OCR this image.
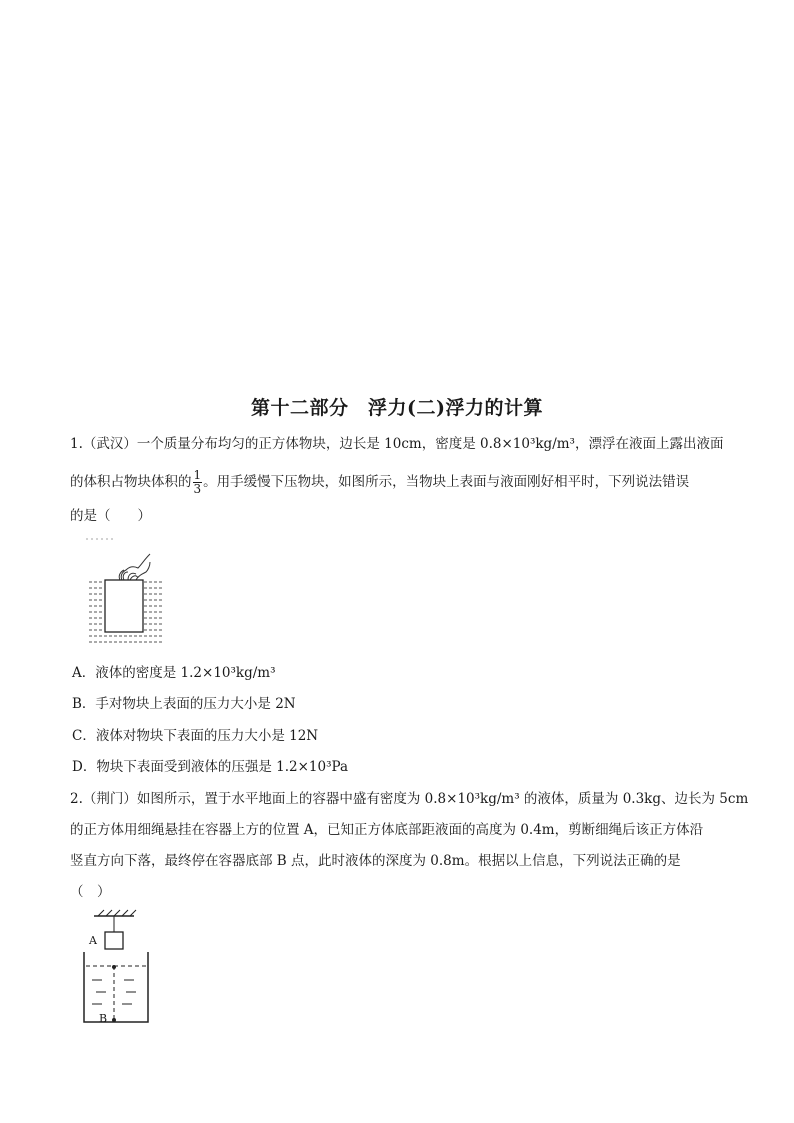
第十二部分　浮力(二)浮力的计算
1.（武汉）一个质量分布均匀的正方体物块，边长是 10cm，密度是 0.8×10³kg/m³，漂浮在液面上露出液面
的体积占物块体积的 $\frac{1}{3}$ 。用手缓慢下压物块，如图所示，当物块上表面与液面刚好相平时，下列说法错误
的是（　　）
A．液体的密度是 1.2×10³kg/m³
B．手对物块上表面的压力大小是 2N
C．液体对物块下表面的压力大小是 12N
D．物块下表面受到液体的压强是 1.2×10³Pa
2.（荆门）如图所示，置于水平地面上的容器中盛有密度为 0.8×10³kg/m³ 的液体，质量为 0.3kg、边长为 5cm
的正方体用细绳悬挂在容器上方的位置 A，已知正方体底部距液面的高度为 0.4m，剪断细绳后该正方体沿
竖直方向下落，最终停在容器底部 B 点，此时液体的深度为 0.8m。根据以上信息，下列说法正确的是
（　）
A
B
